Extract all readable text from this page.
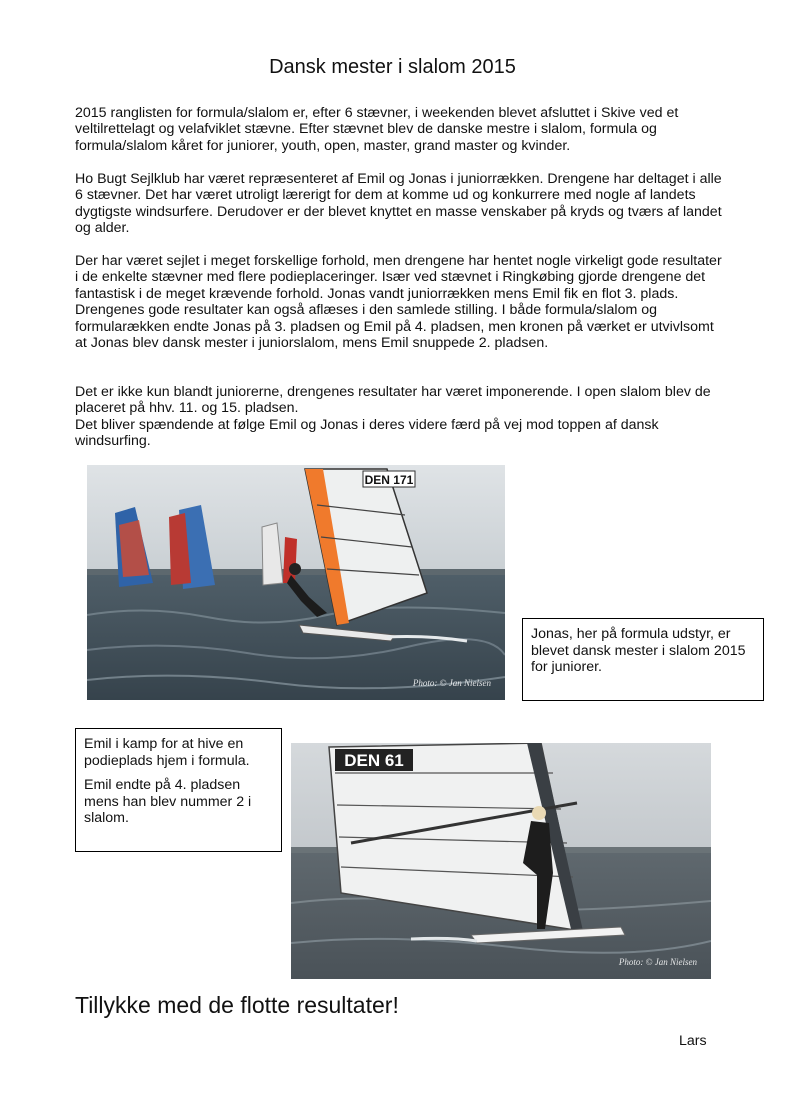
Dansk mester i slalom 2015

2015 ranglisten for formula/slalom er, efter 6 stævner, i weekenden blevet afsluttet i Skive ved et veltilrettelagt og velafviklet stævne. Efter stævnet blev de danske mestre i slalom, formula og formula/slalom kåret for juniorer, youth, open, master, grand master og kvinder.

Ho Bugt Sejlklub har været repræsenteret af Emil og Jonas i juniorrækken. Drengene har deltaget i alle 6 stævner. Det har været utroligt lærerigt for dem at komme ud og konkurrere med nogle af landets dygtigste windsurfere. Derudover er der blevet knyttet en masse venskaber på kryds og tværs af landet og alder.

Der har været sejlet i meget forskellige forhold, men drengene har hentet nogle virkeligt gode resultater i de enkelte stævner med flere podieplaceringer. Især ved stævnet i Ringkøbing gjorde drengene det fantastisk i de meget krævende forhold. Jonas vandt juniorrækken mens Emil fik en flot 3. plads. Drengenes gode resultater kan også aflæses i den samlede stilling. I både formula/slalom og formularækken endte Jonas på 3. pladsen og Emil på 4. pladsen, men kronen på værket er utvivlsomt at Jonas blev dansk mester i juniorslalom, mens Emil snuppede 2. pladsen.

Det er ikke kun blandt juniorerne, drengenes resultater har været imponerende. I open slalom blev de placeret på hhv. 11. og 15. pladsen.

Det bliver spændende at følge Emil og Jonas i deres videre færd på vej mod toppen af dansk windsurfing.

DEN 171
Photo: © Jan Nielsen
Jonas, her på formula udstyr, er blevet dansk mester i slalom 2015 for juniorer.

Emil i kamp for at hive en podieplads hjem i formula.

Emil endte på 4. pladsen mens han blev nummer 2 i slalom.

DEN 61
Photo: © Jan Nielsen
Tillykke med de flotte resultater!
Lars
